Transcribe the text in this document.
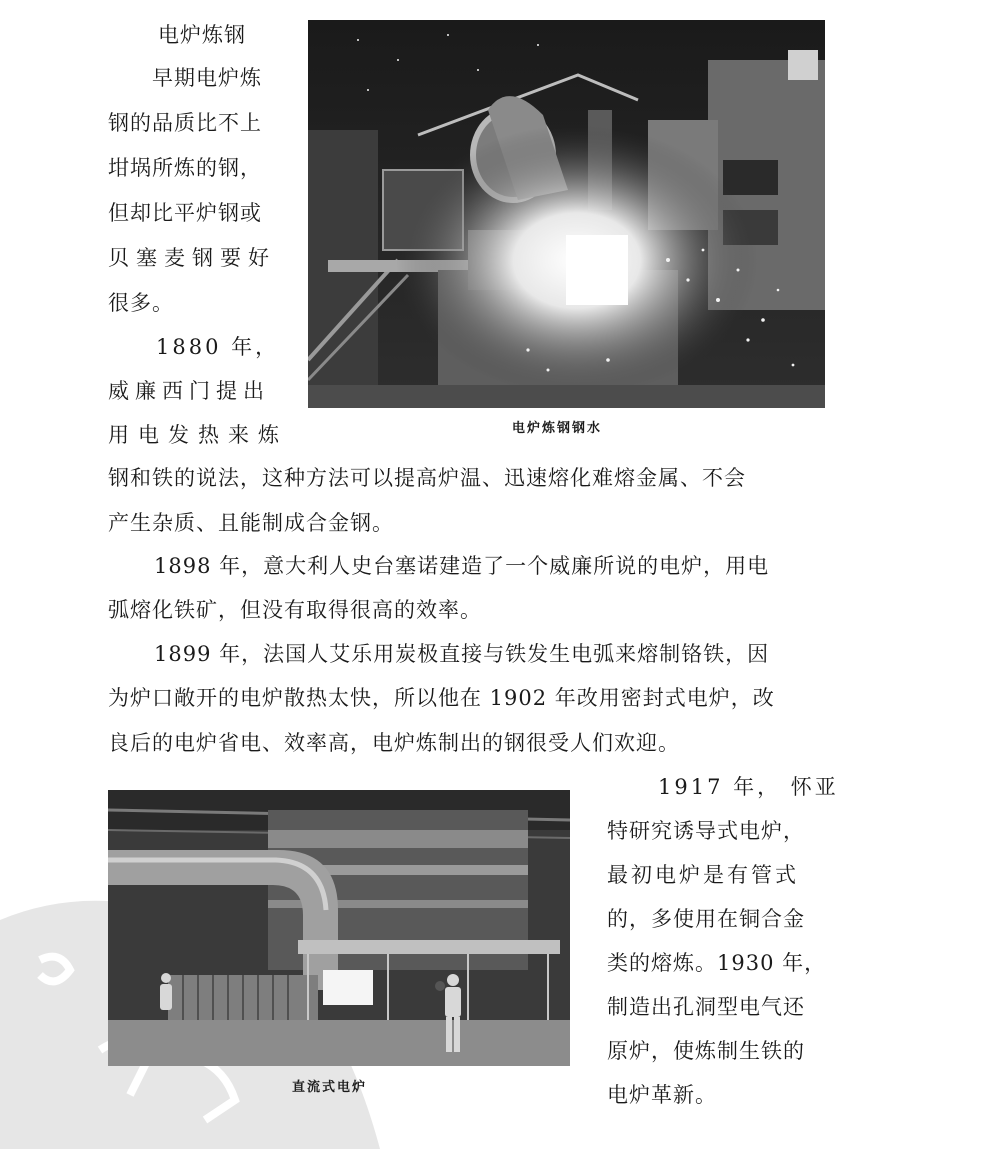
电炉炼钢
早期电炉炼
钢的品质比不上
坩埚所炼的钢，
但却比平炉钢或
贝塞麦钢要好
很多。
1880 年，
威廉西门提出
用电发热来炼	电炉炼钢钢水
钢和铁的说法，这种方法可以提高炉温、迅速熔化难熔金属、不会
产生杂质、且能制成合金钢。
1898 年，意大利人史台塞诺建造了一个威廉所说的电炉，用电
弧熔化铁矿，但没有取得很高的效率。
1899 年，法国人艾乐用炭极直接与铁发生电弧来熔制铬铁，因
为炉口敞开的电炉散热太快，所以他在 1902 年改用密封式电炉，改
良后的电炉省电、效率高，电炉炼制出的钢很受人们欢迎。
直流式电炉
1917 年， 怀亚
特研究诱导式电炉，
最初电炉是有管式
的，多使用在铜合金
类的熔炼。1930 年，
制造出孔洞型电气还
原炉，使炼制生铁的
电炉革新。
